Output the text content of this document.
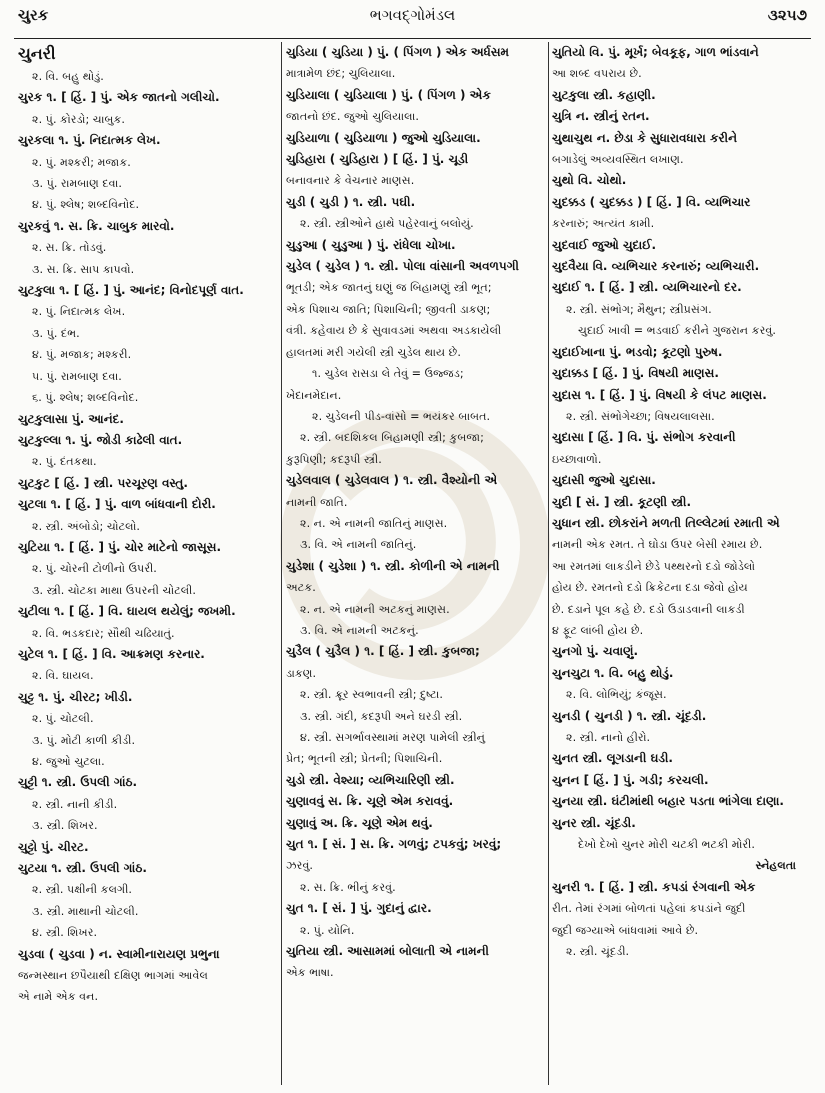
ચુરક	ભગવદ્ગોમંડલ	૩૨૫૭

ચુનરી

૨. વિ. બહુ થોડું.

ચુરક ૧. [ હિં. ] પું. એક જાતનો ગલીચો.

૨. પું. કોરડો; ચાબુક.

ચુરકલા ૧. પું. નિદાત્મક લેખ.

૨. પું. મશ્કરી; મજાક.

૩. પું. રામબાણ દવા.

૪. પું. શ્લેષ; શબ્દવિનોદ.

ચુરકવું ૧. સ. ક્રિ. ચાબુક મારવો.

૨. સ. ક્રિ. તોડવું.

૩. સ. ક્રિ. સાપ કાપવો.

ચુટકુલા ૧. [ હિં. ] પું. આનંદ; વિનોદપૂર્ણ વાત.

૨. પું. નિદાત્મક લેખ.

૩. પું. દંભ.

૪. પું. મજાક; મશ્કરી.

૫. પું. રામબાણ દવા.

૬. પું. શ્લેષ; શબ્દવિનોદ.

ચુટકુલાસા પું. આનંદ.

ચુટકુલ્લા ૧. પું. જોડી કાઢેલી વાત.

૨. પું. દંતકથા.

ચુટકુટ [ હિં. ] સ્ત્રી. પરચૂરણ વસ્તુ.

ચુટલા ૧. [ હિં. ] પું. વાળ બાંધવાની દોરી.

૨. સ્ત્રી. અંબોડો; ચોટલો.

ચુટિયા ૧. [ હિં. ] પું. ચોર માટેનો જાસૂસ.

૨. પું. ચોરની ટોળીનો ઉપરી.

૩. સ્ત્રી. ચોટકા માથા ઉપરની ચોટલી.

ચુટીલા ૧. [ હિં. ] વિ. ઘાયલ થયેલું; જખમી.

૨. વિ. ભડકદાર; સૌથી ચઢિયાતું.

ચુટેલ ૧. [ હિં. ] વિ. આક્રમણ કરનાર.

૨. વિ. ઘાયલ.

ચુટ્ટ ૧. પું. ચીરટ; ખીડી.

૨. પું. ચોટલી.

૩. પું. મોટી કાળી કીડી.

૪. જુઓ ચુટલા.

ચુટ્ટી ૧. સ્ત્રી. ઉપલી ગાંઠ.

૨. સ્ત્રી. નાની કીડી.

૩. સ્ત્રી. શિખર.

ચુટ્ટો પું. ચીરટ.

ચુટયા ૧. સ્ત્રી. ઉપલી ગાંઠ.

૨. સ્ત્રી. પક્ષીની કલગી.

૩. સ્ત્રી. માથાની ચોટલી.

૪. સ્ત્રી. શિખર.

ચુડવા ( ચુડવા ) ન. સ્વામીનારાયણ પ્રભુના

જન્મસ્થાન છપૈયાથી દક્ષિણ ભાગમાં આવેલ

એ નામે એક વન.

ચુડિયા ( ચુડિયા ) પું. ( પિંગળ ) એક અર્ધસમ

માત્રામેળ છંદ; ચુલિયાલા.

ચુડિયાલા ( ચુડિયાલા ) પું. ( પિંગળ ) એક

જાતનો છંદ. જુઓ ચુલિયાલા.

ચુડિયાળા ( ચુડિયાળા ) જુઓ ચુડિયાલા.

ચુડિહારા ( ચુડિહારા ) [ હિં. ] પું. ચૂડી

બનાવનાર કે વેચનાર માણસ.

ચુડી ( ચુડી ) ૧. સ્ત્રી. પઘી.

૨. સ્ત્રી. સ્ત્રીઓને હાથે પહેરવાનું બલોયું.

ચુડુઆ ( ચુડુઆ ) પું. રાંધેલા ચોખા.

ચુડેલ ( ચુડેલ ) ૧. સ્ત્રી. પોલા વાંસાની અવળપગી

ભૂતડી; એક જાતનું ઘણું જ બિહામણું સ્ત્રી ભૂત;

એક પિશાચ જાતિ; પિશાચિની; જીવતી ડાકણ;

વંત્રી. કહેવાય છે કે સુવાવડમાં અથવા અડકાયેલી

હાલતમાં મરી ગયેલી સ્ત્રી ચુડેલ થાય છે.

૧. ચુડેલ રાસડા લે તેવું = ઉજ્જડ;

ખેદાનમેદાન.

૨. ચુડેલની પીડ-વાંસો = ભયંકર બાબત.

૨. સ્ત્રી. બદશિકલ બિહામણી સ્ત્રી; કુબજા;

કુરૂપિણી; કદરૂપી સ્ત્રી.

ચુડેલવાલ ( ચુડેલવાલ ) ૧. સ્ત્રી. વૈશ્યોની એ

નામની જાતિ.

૨. ન. એ નામની જાતિનું માણસ.

૩. વિ. એ નામની જાતિનું.

ચુડેશા ( ચુડેશા ) ૧. સ્ત્રી. કોળીની એ નામની

અટક.

૨. ન. એ નામની અટકનું માણસ.

૩. વિ. એ નામની અટકનું.

ચુડૈલ ( ચુડૈલ ) ૧. [ હિં. ] સ્ત્રી. કુબજા;

ડાકણ.

૨. સ્ત્રી. ક્રૂર સ્વભાવની સ્ત્રી; દુષ્ટા.

૩. સ્ત્રી. ગંદી, કદરૂપી અને ઘરડી સ્ત્રી.

૪. સ્ત્રી. સગર્ભાવસ્થામાં મરણ પામેલી સ્ત્રીનું

પ્રેત; ભૂતની સ્ત્રી; પ્રેતની; પિશાચિની.

ચુડો સ્ત્રી. વેશ્યા; વ્યભિચારિણી સ્ત્રી.

ચુણાવવું સ. ક્રિ. ચૂણે એમ કરાવવું.

ચુણાવું અ. ક્રિ. ચૂણે એમ થવું.

ચુત ૧. [ સં. ] સ. ક્રિ. ગળવું; ટપકવું; ખરવું;

ઝરવું.

૨. સ. ક્રિ. ભીનું કરવું.

ચુત ૧. [ સં. ] પું. ગુદાનું દ્વાર.

૨. પું. યોનિ.

ચુતિયા સ્ત્રી. આસામમાં બોલાતી એ નામની

એક ભાષા.

ચુતિયો વિ. પું. મૂર્ખ; બેવકૂફ, ગાળ ભાંડવાને

આ શબ્દ વપરાય છે.

ચુટકુલા સ્ત્રી. કહાણી.

ચુત્રિ ન. સ્ત્રીનું રતન.

ચુથાચુથ ન. છેડા કે સુધારાવધારા કરીને

બગાડેલું અવ્યવસ્થિત લખાણ.

ચુથો વિ. ચોથો.

ચુદક્કડ ( ચુદક્કડ ) [ હિં. ] વિ. વ્યભિચાર

કરનારું; અત્યંત કામી.

ચુદવાઈ જુઓ ચુદાઈ.

ચુદવૈયા વિ. વ્યભિચાર કરનારું; વ્યભિચારી.

ચુદાઈ ૧. [ હિં. ] સ્ત્રી. વ્યભિચારનો દર.

૨. સ્ત્રી. સંભોગ; મૈથુન; સ્ત્રીપ્રસંગ.

ચુદાઈ ખાવી = ભડવાઈ કરીને ગુજરાન કરવું.

ચુદાઈખાના પું. ભડવો; કૂટણો પુરુષ.

ચુદાક્કડ [ હિં. ] પું. વિષયી માણસ.

ચુદાસ ૧. [ હિં. ] પું. વિષયી કે લંપટ માણસ.

૨. સ્ત્રી. સંભોગેચ્છા; વિષયલાલસા.

ચુદાસા [ હિં. ] વિ. પું. સંભોગ કરવાની

ઇચ્છાવાળો.

ચુદાસી જુઓ ચુદાસા.

ચુદી [ સં. ] સ્ત્રી. કૂટણી સ્ત્રી.

ચુધાન સ્ત્રી. છોકરાંને મળતી તિલ્લેટમાં રમાતી એ

નામની એક રમત. તે ઘોડા ઉપર બેસી રમાય છે.

આ રમતમાં લાકડીને છેડે પથ્થરનો દડો જોડેલો

હોય છે. રમતનો દડો ક્રિકેટના દડા જેવો હોય

છે. દડાને પૂલ કહે છે. દડો ઉડાડવાની લાકડી

૪ ફૂટ લાંબી હોય છે.

ચુનગો પું. ચવાણું.

ચુનચુટા ૧. વિ. બહુ થોડું.

૨. વિ. લોભિયું; કંજૂસ.

ચુનડી ( ચુનડી ) ૧. સ્ત્રી. ચૂંદડી.

૨. સ્ત્રી. નાનો હીરો.

ચુનત સ્ત્રી. લૂગડાની ઘડી.

ચુનન [ હિં. ] પું. ગડી; કરચલી.

ચુનયા સ્ત્રી. ઘંટીમાંથી બહાર પડતા ભાંગેલા દાણા.

ચુનર સ્ત્રી. ચૂંદડી.

દેખો દેખો ચુનર મોરી ચટકી ભટકી મોરી.

સ્નેહલતા

ચુનરી ૧. [ હિં. ] સ્ત્રી. કપડાં રંગવાની એક

રીત. તેમાં રંગમાં બોળતાં પહેલાં કપડાંને જુદી

જુદી જગ્યાએ બાંધવામાં આવે છે.

૨. સ્ત્રી. ચૂંદડી.
